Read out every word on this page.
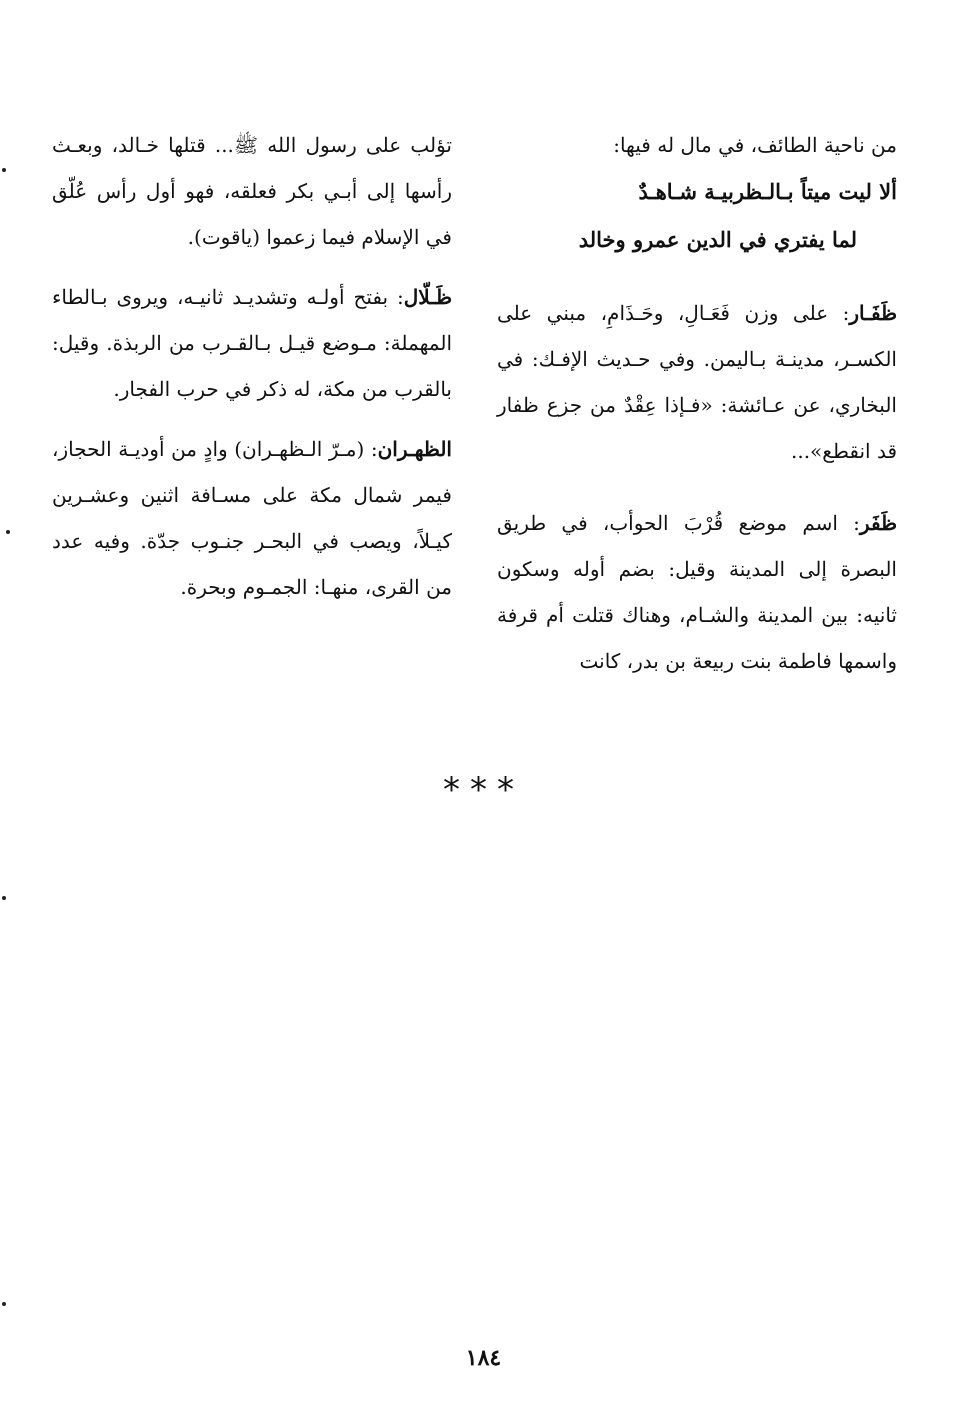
من ناحية الطائف، في مال له فيها:

ألا ليت ميتاً بـالـظربيـة شـاهـدٌ

لما يفتري في الدين عمرو وخالد

ظَفَـار: على وزن فَعَـالِ، وحَـذَامِ، مبني على الكسـر، مدينـة بـاليمن. وفي حـديث الإفـك: في البخاري، عن عـائشة: «فـإذا عِقْدٌ من جزع ظفار قد انقطع»...

ظَفَر: اسم موضع قُرْبَ الحوأب، في طريق البصرة إلى المدينة وقيل: بضم أوله وسكون ثانيه: بين المدينة والشـام، وهناك قتلت أم قرفة واسمها فاطمة بنت ربيعة بن بدر، كانت

تؤلب على رسول الله ﷺ... قتلها خـالد، وبعـث رأسها إلى أبـي بكر فعلقه، فهو أول رأس عُلّق في الإسلام فيما زعموا (ياقوت).

ظَـلّال: بفتح أولـه وتشديـد ثانيـه، ويروى بـالطاء المهملة: مـوضع قيـل بـالقـرب من الربذة. وقيل: بالقرب من مكة، له ذكر في حرب الفجار.

الظهـران: (مـرّ الـظهـران) وادٍ من أوديـة الحجاز، فيمر شمال مكة على مسـافة اثنين وعشـرين كيـلاً، ويصب في البحـر جنـوب جدّة. وفيه عدد من القرى، منهـا: الجمـوم وبحرة.

***
١٨٤
